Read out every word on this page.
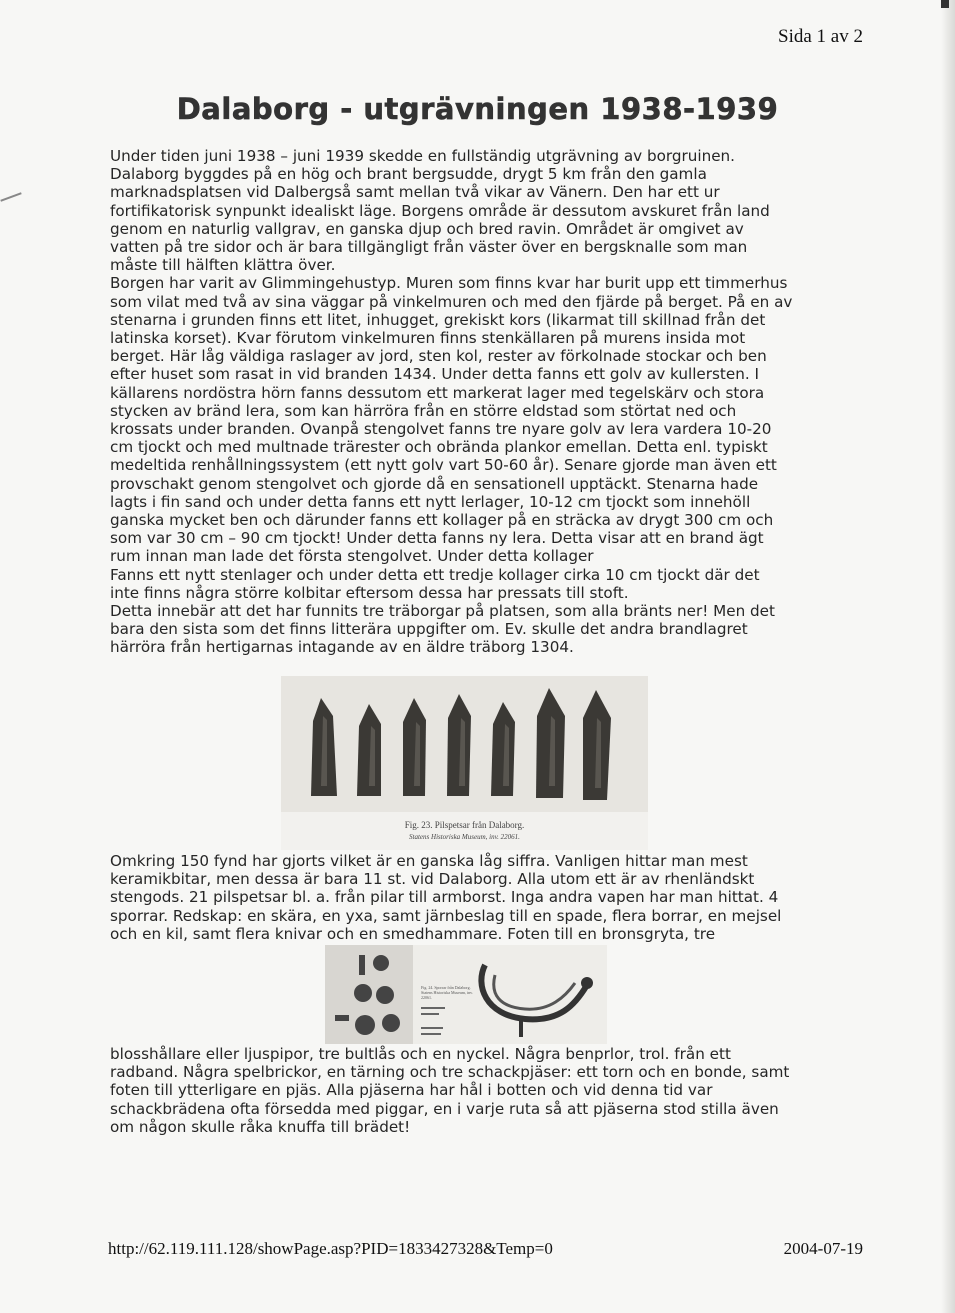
Sida 1 av 2
Dalaborg - utgrävningen 1938-1939
Under tiden juni 1938 – juni 1939 skedde en fullständig utgrävning av borgruinen.
Dalaborg byggdes på en hög och brant bergsudde, drygt 5 km från den gamla
marknadsplatsen vid Dalbergså samt mellan två vikar av Vänern. Den har ett ur
fortifikatorisk synpunkt idealiskt läge. Borgens område är dessutom avskuret från land
genom en naturlig vallgrav, en ganska djup och bred ravin. Området är omgivet av
vatten på tre sidor och är bara tillgängligt från väster över en bergsknalle som man
måste till hälften klättra över.
Borgen har varit av Glimmingehustyp. Muren som finns kvar har burit upp ett timmerhus
som vilat med två av sina väggar på vinkelmuren och med den fjärde på berget. På en av
stenarna i grunden finns ett litet, inhugget, grekiskt kors (likarmat till skillnad från det
latinska korset). Kvar förutom vinkelmuren finns stenkällaren på murens insida mot
berget. Här låg väldiga raslager av jord, sten kol, rester av förkolnade stockar och ben
efter huset som rasat in vid branden 1434. Under detta fanns ett golv av kullersten. I
källarens nordöstra hörn fanns dessutom ett markerat lager med tegelskärv och stora
stycken av bränd lera, som kan härröra från en större eldstad som störtat ned och
krossats under branden. Ovanpå stengolvet fanns tre nyare golv av lera vardera 10-20
cm tjockt och med multnade trärester och obrända plankor emellan. Detta enl. typiskt
medeltida renhållningssystem (ett nytt golv vart 50-60 år). Senare gjorde man även ett
provschakt genom stengolvet och gjorde då en sensationell upptäckt. Stenarna hade
lagts i fin sand och under detta fanns ett nytt lerlager, 10-12 cm tjockt som innehöll
ganska mycket ben och därunder fanns ett kollager på en sträcka av drygt 300 cm och
som var 30 cm – 90 cm tjockt! Under detta fanns ny lera. Detta visar att en brand ägt
rum innan man lade det första stengolvet. Under detta kollager
Fanns ett nytt stenlager och under detta ett tredje kollager cirka 10 cm tjockt där det
inte finns några större kolbitar eftersom dessa har pressats till stoft.
Detta innebär att det har funnits tre träborgar på platsen, som alla bränts ner! Men det
bara den sista som det finns litterära uppgifter om. Ev. skulle det andra brandlagret
härröra från hertigarnas intagande av en äldre träborg 1304.
Fig. 23. Pilspetsar från Dalaborg.
Statens Historiska Museum, inv. 22061.
Omkring 150 fynd har gjorts vilket är en ganska låg siffra. Vanligen hittar man mest
keramikbitar, men dessa är bara 11 st. vid Dalaborg. Alla utom ett är av rhenländskt
stengods. 21 pilspetsar bl. a. från pilar till armborst. Inga andra vapen har man hittat. 4
sporrar. Redskap: en skära, en yxa, samt järnbeslag till en spade, flera borrar, en mejsel
och en kil, samt flera knivar och en smedhammare. Foten till en bronsgryta, tre
Fig. 24. Sporrar från Dalaborg.
Statens Historiska Museum, inv. 22061.
blosshållare eller ljuspipor, tre bultlås och en nyckel. Några benprlor, trol. från ett
radband. Några spelbrickor, en tärning och tre schackpjäser: ett torn och en bonde, samt
foten till ytterligare en pjäs. Alla pjäserna har hål i botten och vid denna tid var
schackbrädena ofta försedda med piggar, en i varje ruta så att pjäserna stod stilla även
om någon skulle råka knuffa till brädet!
http://62.119.111.128/showPage.asp?PID=1833427328&Temp=0	2004-07-19
